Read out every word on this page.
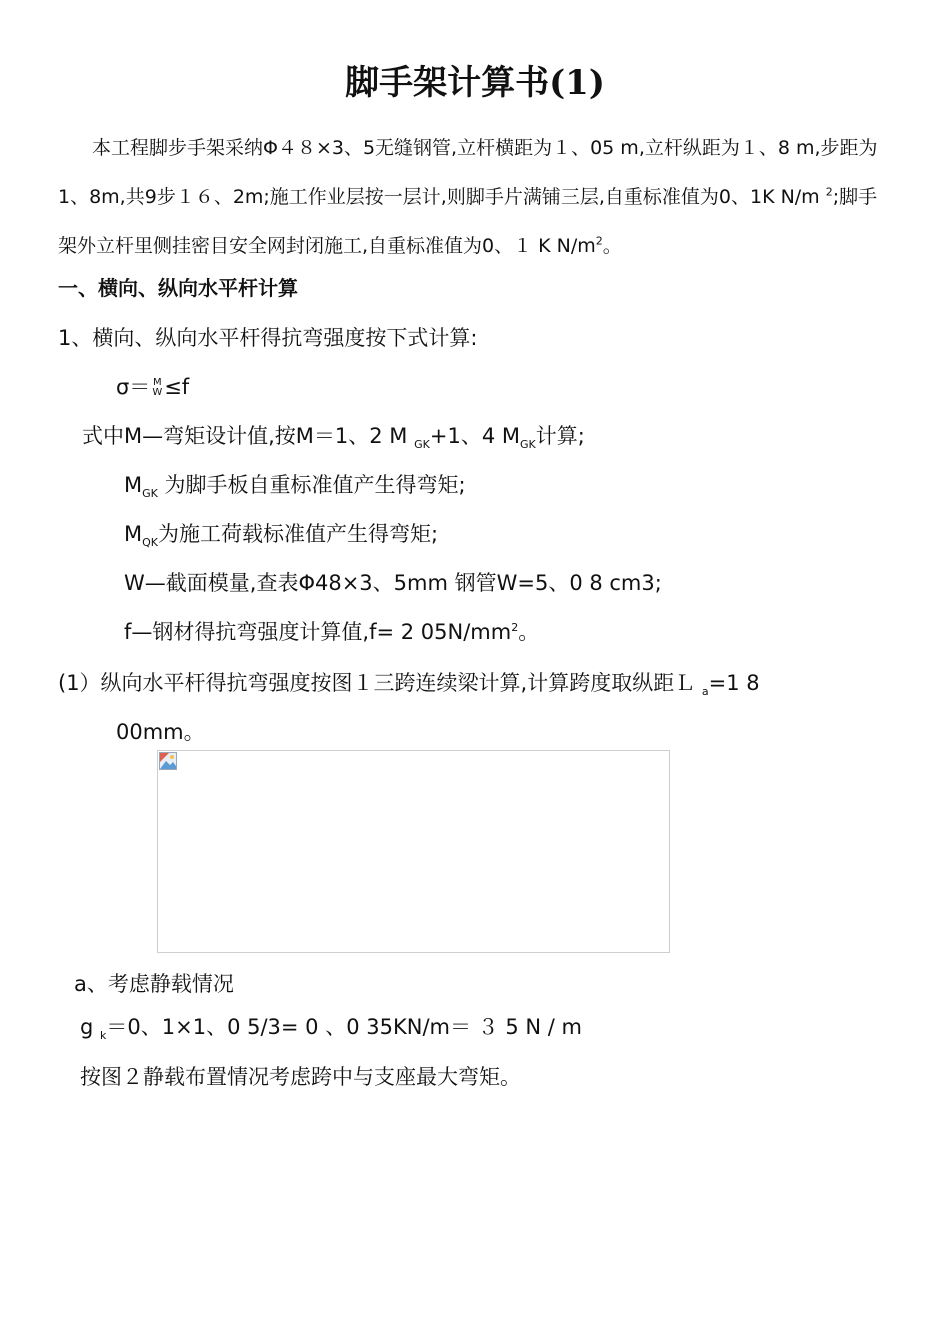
脚手架计算书(1)

本工程脚步手架采纳Φ４８×3、5无缝钢管,立杆横距为１、05 m,立杆纵距为１、8 m,步距为

1、8m,共9步１６、2m;施工作业层按一层计,则脚手片满铺三层,自重标准值为0、1K N/m $^2$;脚手

架外立杆里侧挂密目安全网封闭施工,自重标准值为0、１ K $N/m^2$。

一、横向、纵向水平杆计算
1、横向、纵向水平杆得抗弯强度按下式计算:
σ＝ M
W ≤f
式中M—弯矩设计值,按M＝1、2 M $_{GK}$+1、4 $M_{GK}$计算;
$M_{GK}$ 为脚手板自重标准值产生得弯矩;
$M_{QK}$为施工荷载标准值产生得弯矩;
W—截面模量,查表Φ48×3、5mm 钢管W=5、0 8 cm3;
f—钢材得抗弯强度计算值,f= 2 $05N/mm^2$。
(1）纵向水平杆得抗弯强度按图１三跨连续梁计算,计算跨度取纵距Ｌ $_a$=1 8
00mm。
a、考虑静载情况
g $_k$＝0、1×1、0 5/3= 0 、0 35KN/m＝ ３ 5 N / m
按图２静载布置情况考虑跨中与支座最大弯矩。
